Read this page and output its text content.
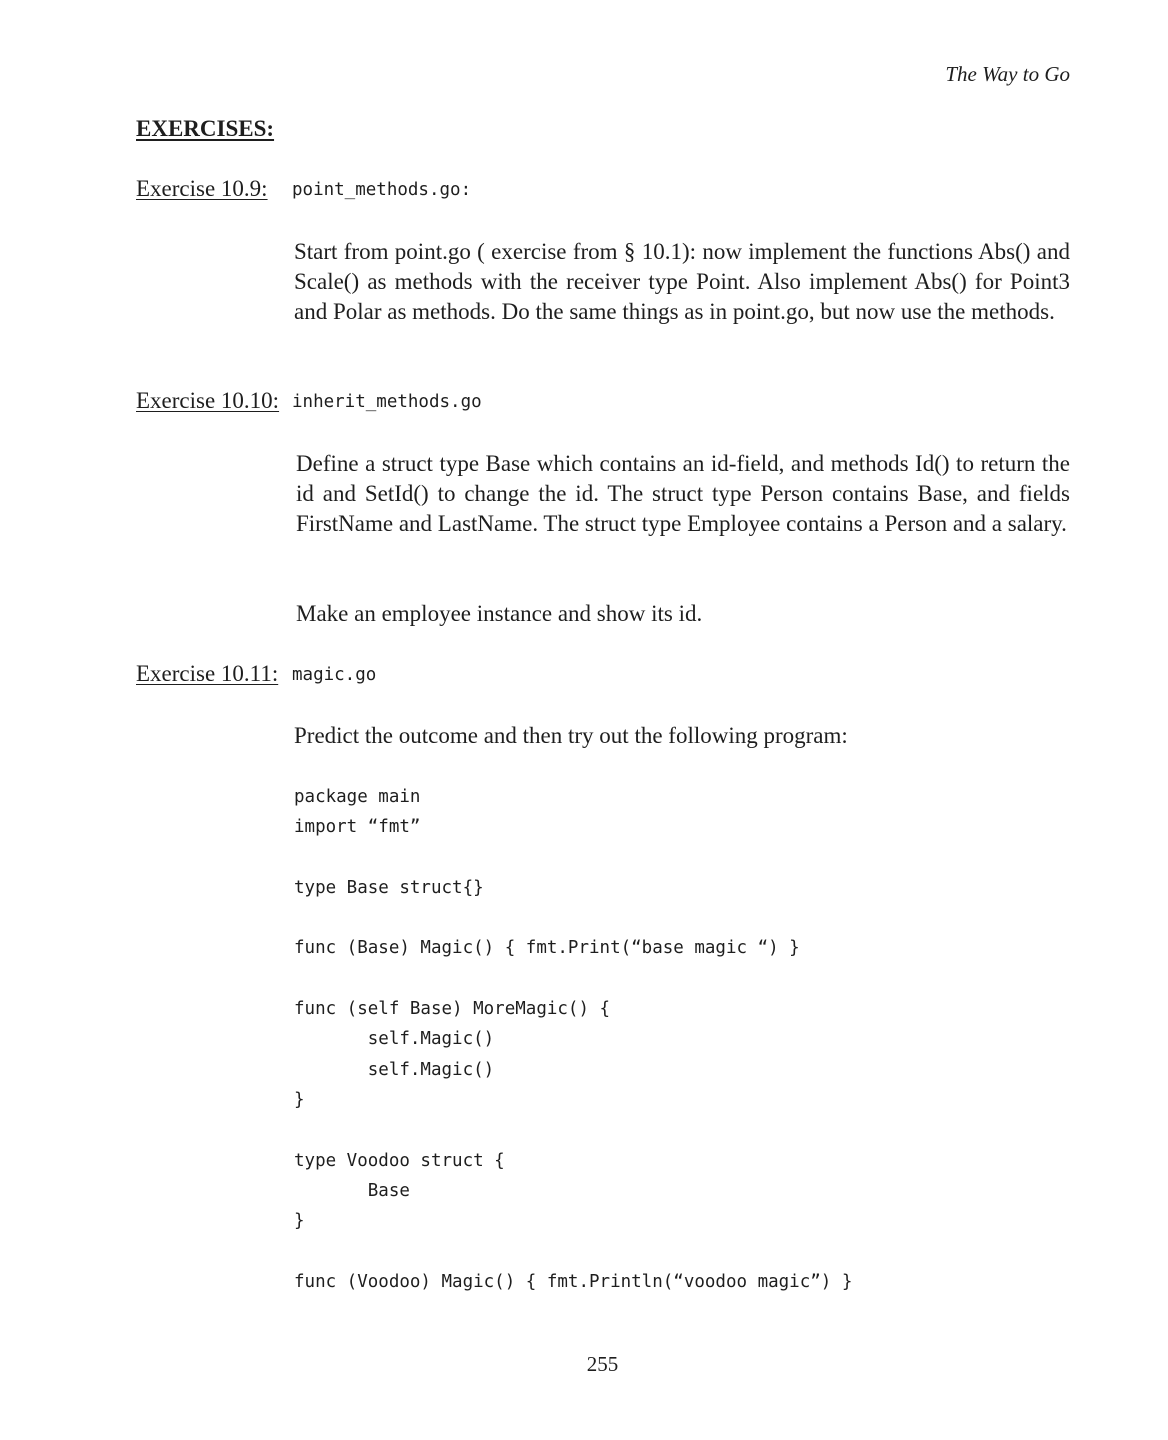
The Way to Go

EXERCISES:

Exercise 10.9: point_methods.go:

Start from point.go ( exercise from § 10.1): now implement the functions Abs() and Scale() as methods with the receiver type Point. Also implement Abs() for Point3 and Polar as methods. Do the same things as in point.go, but now use the methods.

Exercise 10.10: inherit_methods.go

Define a struct type Base which contains an id-field, and methods Id() to return the id and SetId() to change the id. The struct type Person contains Base, and fields FirstName and LastName. The struct type Employee contains a Person and a salary.

Make an employee instance and show its id.

Exercise 10.11: magic.go

Predict the outcome and then try out the following program:

package main
import “fmt”

type Base struct{}

func (Base) Magic() { fmt.Print(“base magic “) }

func (self Base) MoreMagic() {
self.Magic()
self.Magic()
}

type Voodoo struct {
Base
}

func (Voodoo) Magic() { fmt.Println(“voodoo magic”) }

255
